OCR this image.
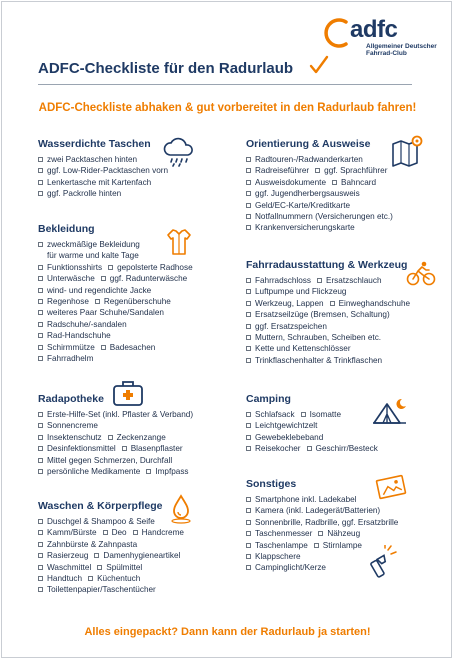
adfc
Allgemeiner Deutscher
Fahrrad-Club
ADFC-Checkliste für den Radurlaub
ADFC-Checkliste abhaken & gut vorbereitet in den Radurlaub fahren!
Wasserdichte Taschen
zwei Packtaschen hinten
ggf. Low-Rider-Packtaschen vorn
Lenkertasche mit Kartenfach
ggf. Packrolle hinten
Bekleidung
zweckmäßige Bekleidung
für warme und kalte Tage
Funktionsshirts gepolsterte Radhose
Unterwäsche ggf. Radunterwäsche
wind- und regendichte Jacke
Regenhose Regenüberschuhe
weiteres Paar Schuhe/Sandalen
Radschuhe/-sandalen
Rad-Handschuhe
Schirmmütze Badesachen
Fahrradhelm
Radapotheke
Erste-Hilfe-Set (inkl. Pflaster & Verband)
Sonnencreme
Insektenschutz Zeckenzange
Desinfektionsmittel Blasenpflaster
Mittel gegen Schmerzen, Durchfall
persönliche Medikamente Impfpass
Waschen & Körperpflege
Duschgel & Shampoo & Seife
Kamm/Bürste Deo Handcreme
Zahnbürste & Zahnpasta
Rasierzeug Damenhygieneartikel
Waschmittel Spülmittel
Handtuch Küchentuch
Toilettenpapier/Taschentücher
Orientierung & Ausweise
Radtouren-/Radwanderkarten
Radreiseführer ggf. Sprachführer
Ausweisdokumente Bahncard
ggf. Jugendherbergsausweis
Geld/EC-Karte/Kreditkarte
Notfallnummern (Versicherungen etc.)
Krankenversicherungskarte
Fahrradausstattung & Werkzeug
Fahrradschloss Ersatzschlauch
Luftpumpe und Flickzeug
Werkzeug, Lappen Einweghandschuhe
Ersatzseilzüge (Bremsen, Schaltung)
ggf. Ersatzspeichen
Muttern, Schrauben, Scheiben etc.
Kette und Kettenschlösser
Trinkflaschenhalter & Trinkflaschen
Camping
Schlafsack Isomatte
Leichtgewichtzelt
Gewebeklebeband
Reisekocher Geschirr/Besteck
Sonstiges
Smartphone inkl. Ladekabel
Kamera (inkl. Ladegerät/Batterien)
Sonnenbrille, Radbrille, ggf. Ersatzbrille
Taschenmesser Nähzeug
Taschenlampe Stirnlampe
Klappschere
Campinglicht/Kerze
Alles eingepackt? Dann kann der Radurlaub ja starten!
